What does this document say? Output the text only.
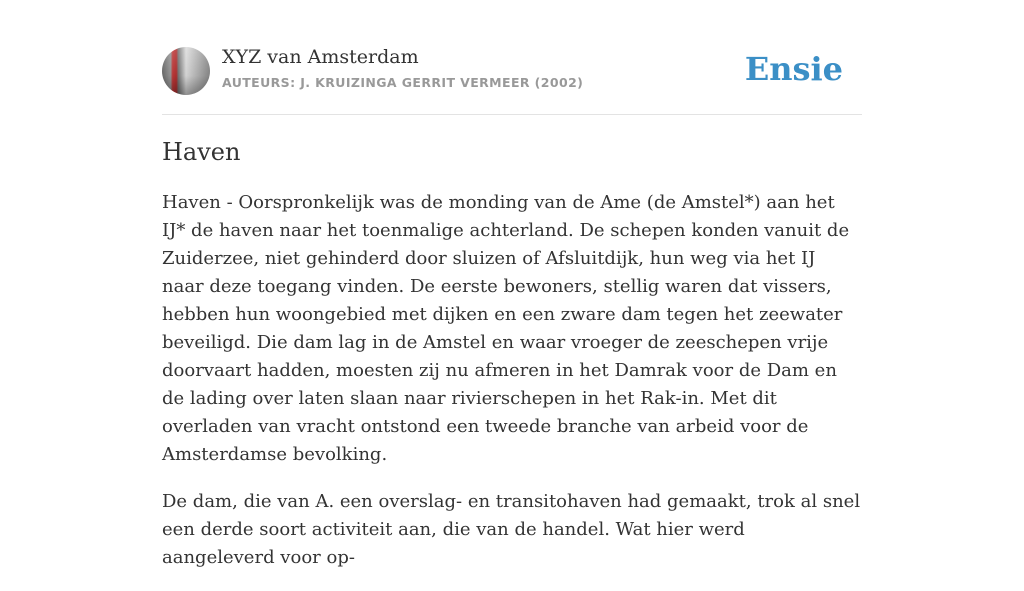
XYZ van Amsterdam
AUTEURS: J. KRUIZINGA GERRIT VERMEER (2002)	Ensie
Haven

Haven - Oorspronkelijk was de monding van de Ame (de Amstel*) aan het IJ* de haven naar het toenmalige achterland. De schepen konden vanuit de Zuiderzee, niet gehinderd door sluizen of Afsluitdijk, hun weg via het IJ naar deze toegang vinden. De eerste bewoners, stellig waren dat vissers, hebben hun woongebied met dijken en een zware dam tegen het zeewater beveiligd. Die dam lag in de Amstel en waar vroeger de zeeschepen vrije doorvaart hadden, moesten zij nu afmeren in het Damrak voor de Dam en de lading over laten slaan naar rivierschepen in het Rak-in. Met dit overladen van vracht ontstond een tweede branche van arbeid voor de Amsterdamse bevolking.

De dam, die van A. een overslag- en transitohaven had gemaakt, trok al snel een derde soort activiteit aan, die van de handel. Wat hier werd aangeleverd voor op-
